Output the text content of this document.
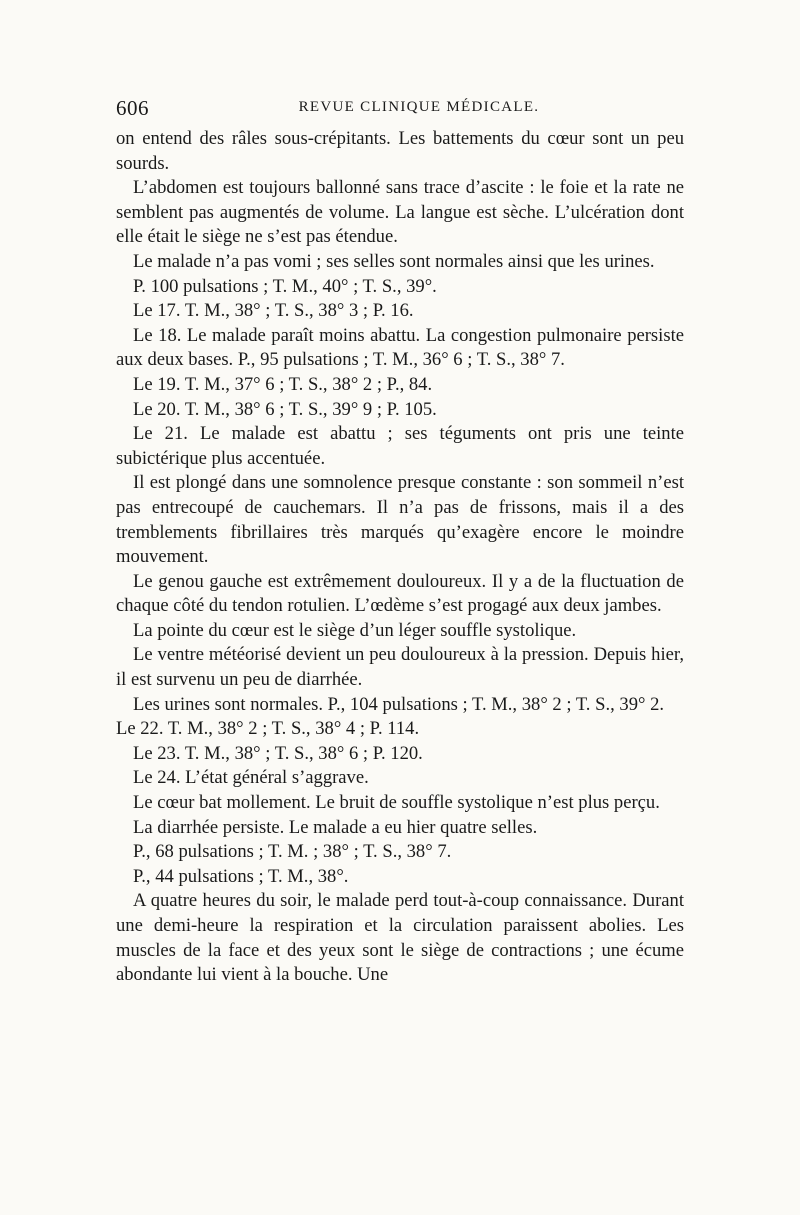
606	REVUE CLINIQUE MÉDICALE.

on entend des râles sous-crépitants. Les battements du cœur sont un peu sourds.

L’abdomen est toujours ballonné sans trace d’ascite : le foie et la rate ne semblent pas augmentés de volume. La langue est sèche. L’ulcération dont elle était le siège ne s’est pas étendue.

Le malade n’a pas vomi ; ses selles sont normales ainsi que les urines.

P. 100 pulsations ; T. M., 40° ; T. S., 39°.

Le 17. T. M., 38° ; T. S., 38° 3 ; P. 16.

Le 18. Le malade paraît moins abattu. La congestion pulmonaire persiste aux deux bases. P., 95 pulsations ; T. M., 36° 6 ; T. S., 38° 7.

Le 19. T. M., 37° 6 ; T. S., 38° 2 ; P., 84.

Le 20. T. M., 38° 6 ; T. S., 39° 9 ; P. 105.

Le 21. Le malade est abattu ; ses téguments ont pris une teinte subictérique plus accentuée.

Il est plongé dans une somnolence presque constante : son sommeil n’est pas entrecoupé de cauchemars. Il n’a pas de frissons, mais il a des tremblements fibrillaires très marqués qu’exagère encore le moindre mouvement.

Le genou gauche est extrêmement douloureux. Il y a de la fluctuation de chaque côté du tendon rotulien. L’œdème s’est progagé aux deux jambes.

La pointe du cœur est le siège d’un léger souffle systolique.

Le ventre météorisé devient un peu douloureux à la pression. Depuis hier, il est survenu un peu de diarrhée.

Les urines sont normales. P., 104 pulsations ; T. M., 38° 2 ; T. S., 39° 2.

Le 22. T. M., 38° 2 ; T. S., 38° 4 ; P. 114.

Le 23. T. M., 38° ; T. S., 38° 6 ; P. 120.

Le 24. L’état général s’aggrave.

Le cœur bat mollement. Le bruit de souffle systolique n’est plus perçu.

La diarrhée persiste. Le malade a eu hier quatre selles.

P., 68 pulsations ; T. M. ; 38° ; T. S., 38° 7.

P., 44 pulsations ; T. M., 38°.

A quatre heures du soir, le malade perd tout-à-coup connaissance. Durant une demi-heure la respiration et la circulation paraissent abolies. Les muscles de la face et des yeux sont le siège de contractions ; une écume abondante lui vient à la bouche. Une
